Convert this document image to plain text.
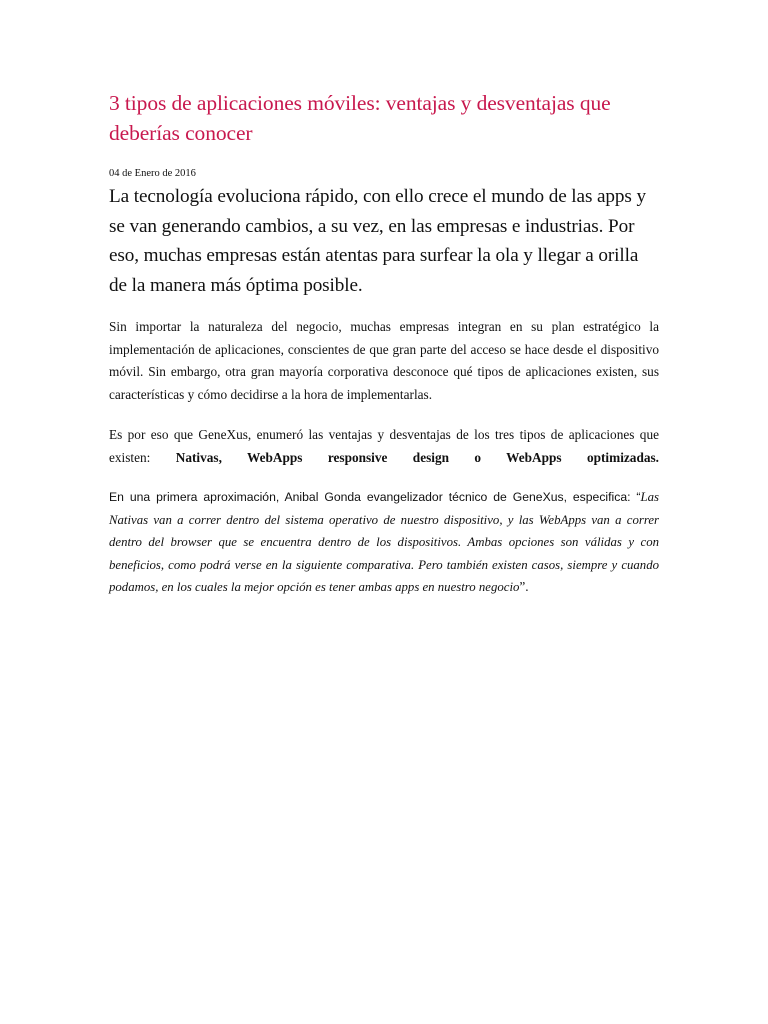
3 tipos de aplicaciones móviles: ventajas y desventajas que deberías conocer
04 de Enero de 2016
La tecnología evoluciona rápido, con ello crece el mundo de las apps y se van generando cambios, a su vez, en las empresas e industrias. Por eso, muchas empresas están atentas para surfear la ola y llegar a orilla de la manera más óptima posible.

Sin importar la naturaleza del negocio, muchas empresas integran en su plan estratégico la implementación de aplicaciones, conscientes de que gran parte del acceso se hace desde el dispositivo móvil. Sin embargo, otra gran mayoría corporativa desconoce qué tipos de aplicaciones existen, sus características y cómo decidirse a la hora de implementarlas.

Es por eso que GeneXus, enumeró las ventajas y desventajas de los tres tipos de aplicaciones que existen: Nativas, WebApps responsive design o WebApps optimizadas.

En una primera aproximación, Anibal Gonda evangelizador técnico de GeneXus, especifica: “Las Nativas van a correr dentro del sistema operativo de nuestro dispositivo, y las WebApps van a correr dentro del browser que se encuentra dentro de los dispositivos. Ambas opciones son válidas y con beneficios, como podrá verse en la siguiente comparativa. Pero también existen casos, siempre y cuando podamos, en los cuales la mejor opción es tener ambas apps en nuestro negocio”.
